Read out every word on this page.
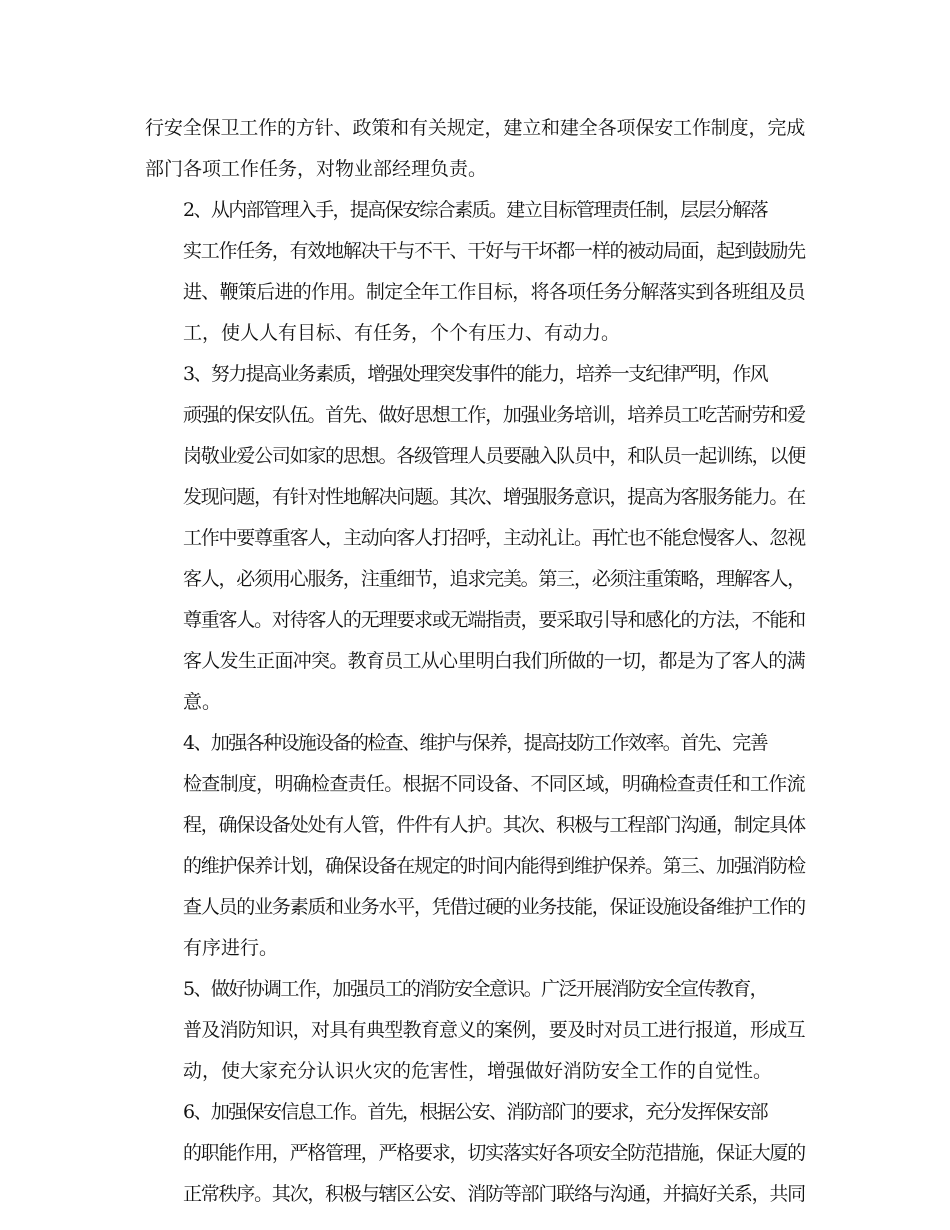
行安全保卫工作的方针、政策和有关规定，建立和建全各项保安工作制度，完成
部门各项工作任务，对物业部经理负责。
2、从内部管理入手，提高保安综合素质。建立目标管理责任制，层层分解落
实工作任务，有效地解决干与不干、干好与干坏都一样的被动局面，起到鼓励先
进、鞭策后进的作用。制定全年工作目标，将各项任务分解落实到各班组及员
工，使人人有目标、有任务，个个有压力、有动力。
3、努力提高业务素质，增强处理突发事件的能力，培养一支纪律严明，作风
顽强的保安队伍。首先、做好思想工作，加强业务培训，培养员工吃苦耐劳和爱
岗敬业爱公司如家的思想。各级管理人员要融入队员中，和队员一起训练，以便
发现问题，有针对性地解决问题。其次、增强服务意识，提高为客服务能力。在
工作中要尊重客人，主动向客人打招呼，主动礼让。再忙也不能怠慢客人、忽视
客人，必须用心服务，注重细节，追求完美。第三，必须注重策略，理解客人，
尊重客人。对待客人的无理要求或无端指责，要采取引导和感化的方法，不能和
客人发生正面冲突。教育员工从心里明白我们所做的一切，都是为了客人的满
意。
4、加强各种设施设备的检查、维护与保养，提高技防工作效率。首先、完善
检查制度，明确检查责任。根据不同设备、不同区域，明确检查责任和工作流
程，确保设备处处有人管，件件有人护。其次、积极与工程部门沟通，制定具体
的维护保养计划，确保设备在规定的时间内能得到维护保养。第三、加强消防检
查人员的业务素质和业务水平，凭借过硬的业务技能，保证设施设备维护工作的
有序进行。
5、做好协调工作，加强员工的消防安全意识。广泛开展消防安全宣传教育，
普及消防知识，对具有典型教育意义的案例，要及时对员工进行报道，形成互
动，使大家充分认识火灾的危害性，增强做好消防安全工作的自觉性。
6、加强保安信息工作。首先，根据公安、消防部门的要求，充分发挥保安部
的职能作用，严格管理，严格要求，切实落实好各项安全防范措施，保证大厦的
正常秩序。其次，积极与辖区公安、消防等部门联络与沟通，并搞好关系，共同
